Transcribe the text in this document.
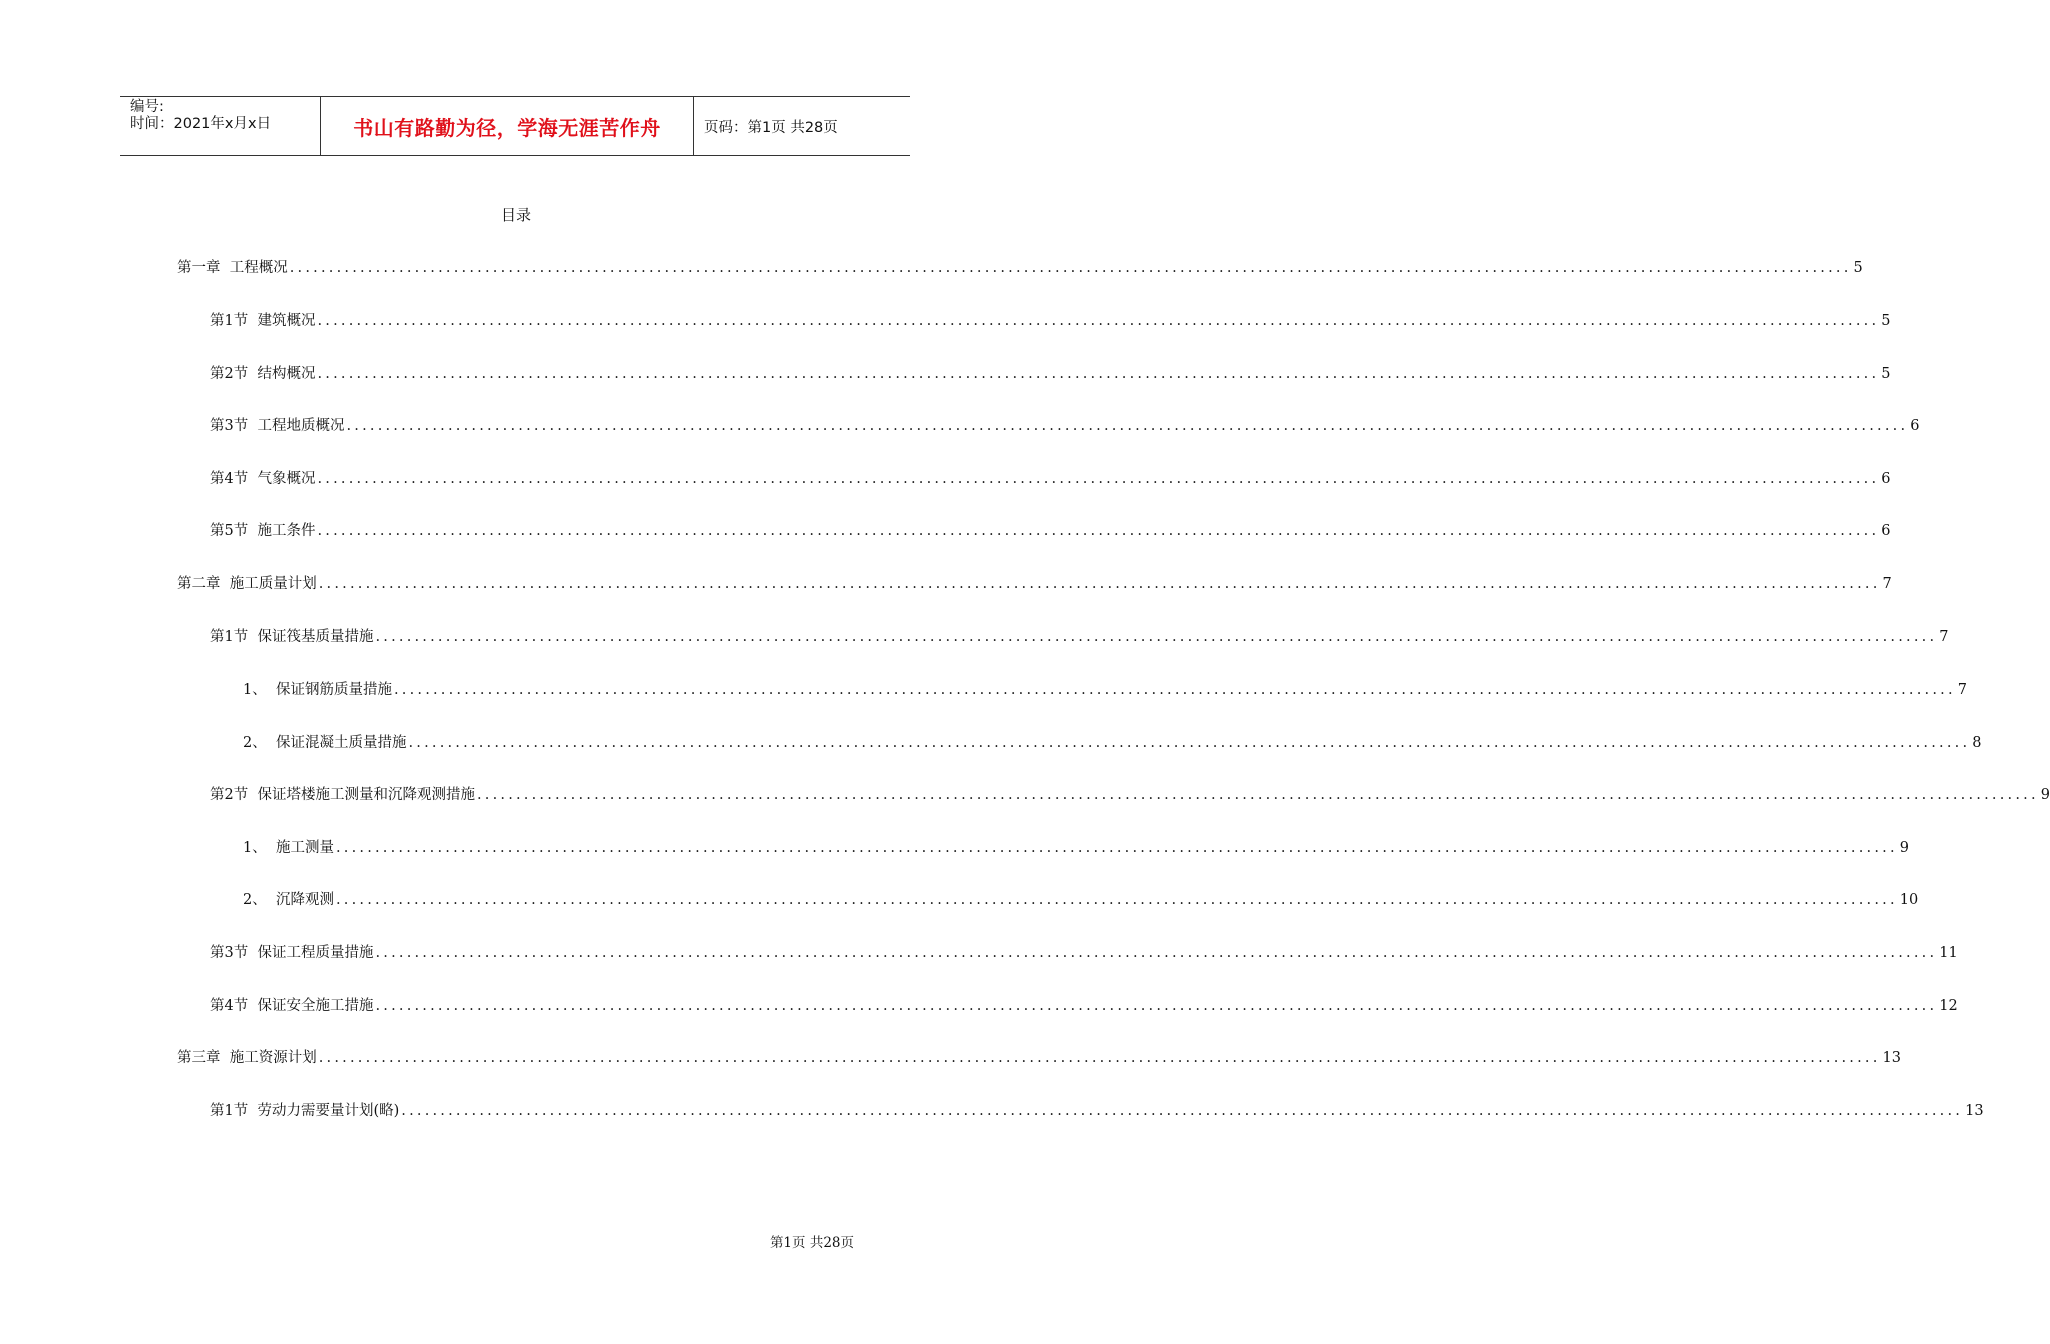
编号:
时间：2021年x月x日	书山有路勤为径，学海无涯苦作舟	页码：第1页 共28页
目录
第一章  工程概况 ........................................................................................................................................................................................................ 5
第1节  建筑概况 ........................................................................................................................................................................................................ 5
第2节  结构概况 ........................................................................................................................................................................................................ 5
第3节  工程地质概况 ........................................................................................................................................................................................................ 6
第4节  气象概况 ........................................................................................................................................................................................................ 6
第5节  施工条件 ........................................................................................................................................................................................................ 6
第二章  施工质量计划 ........................................................................................................................................................................................................ 7
第1节  保证筏基质量措施 ........................................................................................................................................................................................................ 7
1、  保证钢筋质量措施 ........................................................................................................................................................................................................ 7
2、  保证混凝土质量措施 ........................................................................................................................................................................................................ 8
第2节  保证塔楼施工测量和沉降观测措施 ........................................................................................................................................................................................................ 9
1、  施工测量 ........................................................................................................................................................................................................ 9
2、  沉降观测 ........................................................................................................................................................................................................ 10
第3节  保证工程质量措施 ........................................................................................................................................................................................................ 11
第4节  保证安全施工措施 ........................................................................................................................................................................................................ 12
第三章  施工资源计划 ........................................................................................................................................................................................................ 13
第1节  劳动力需要量计划(略) ........................................................................................................................................................................................................ 13
第1页 共28页
